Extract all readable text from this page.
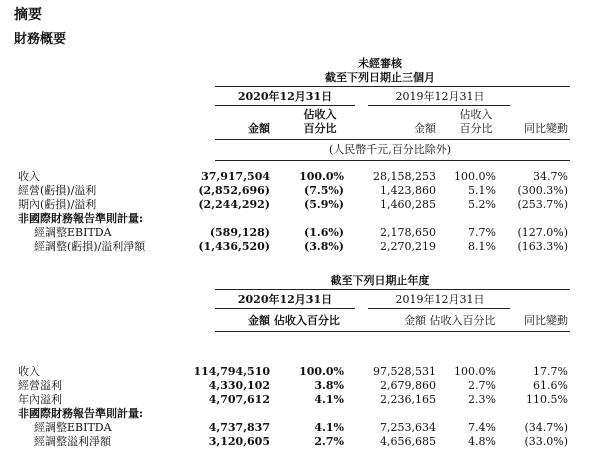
摘要
財務概要
未經審核
截至下列日期止三個月
2020年12月31日	2019年12月31日
佔收入
金額	百分比
佔收入
金額	百分比	同比變動
(人民幣千元,百分比除外)
收入	37,917,504	100.0%	28,158,253 100.0%	34.7%
經營(虧損)/溢利	(2,852,696)	(7.5%)	1,423,860	5.1% (300.3%)
期內(虧損)/溢利	(2,244,292)	(5.9%)	1,460,285	5.2% (253.7%)
非國際財務報告準則計量:
經調整EBITDA	(589,128)	(1.6%)	2,178,650	7.7% (127.0%)
經調整(虧損)/溢利淨額	(1,436,520)	(3.8%)	2,270,219	8.1% (163.3%)
截至下列日期止年度
2020年12月31日	2019年12月31日
金額 佔收入百分比	金額 佔收入百分比	同比變動
收入	114,794,510	100.0%	97,528,531 100.0%	17.7%
經營溢利	4,330,102	3.8%	2,679,860	2.7%	61.6%
年內溢利	4,707,612	4.1%	2,236,165	2.3%	110.5%
非國際財務報告準則計量:
經調整EBITDA	4,737,837	4.1%	7,253,634	7.4%	(34.7%)
經調整溢利淨額	3,120,605	2.7%	4,656,685	4.8%	(33.0%)
